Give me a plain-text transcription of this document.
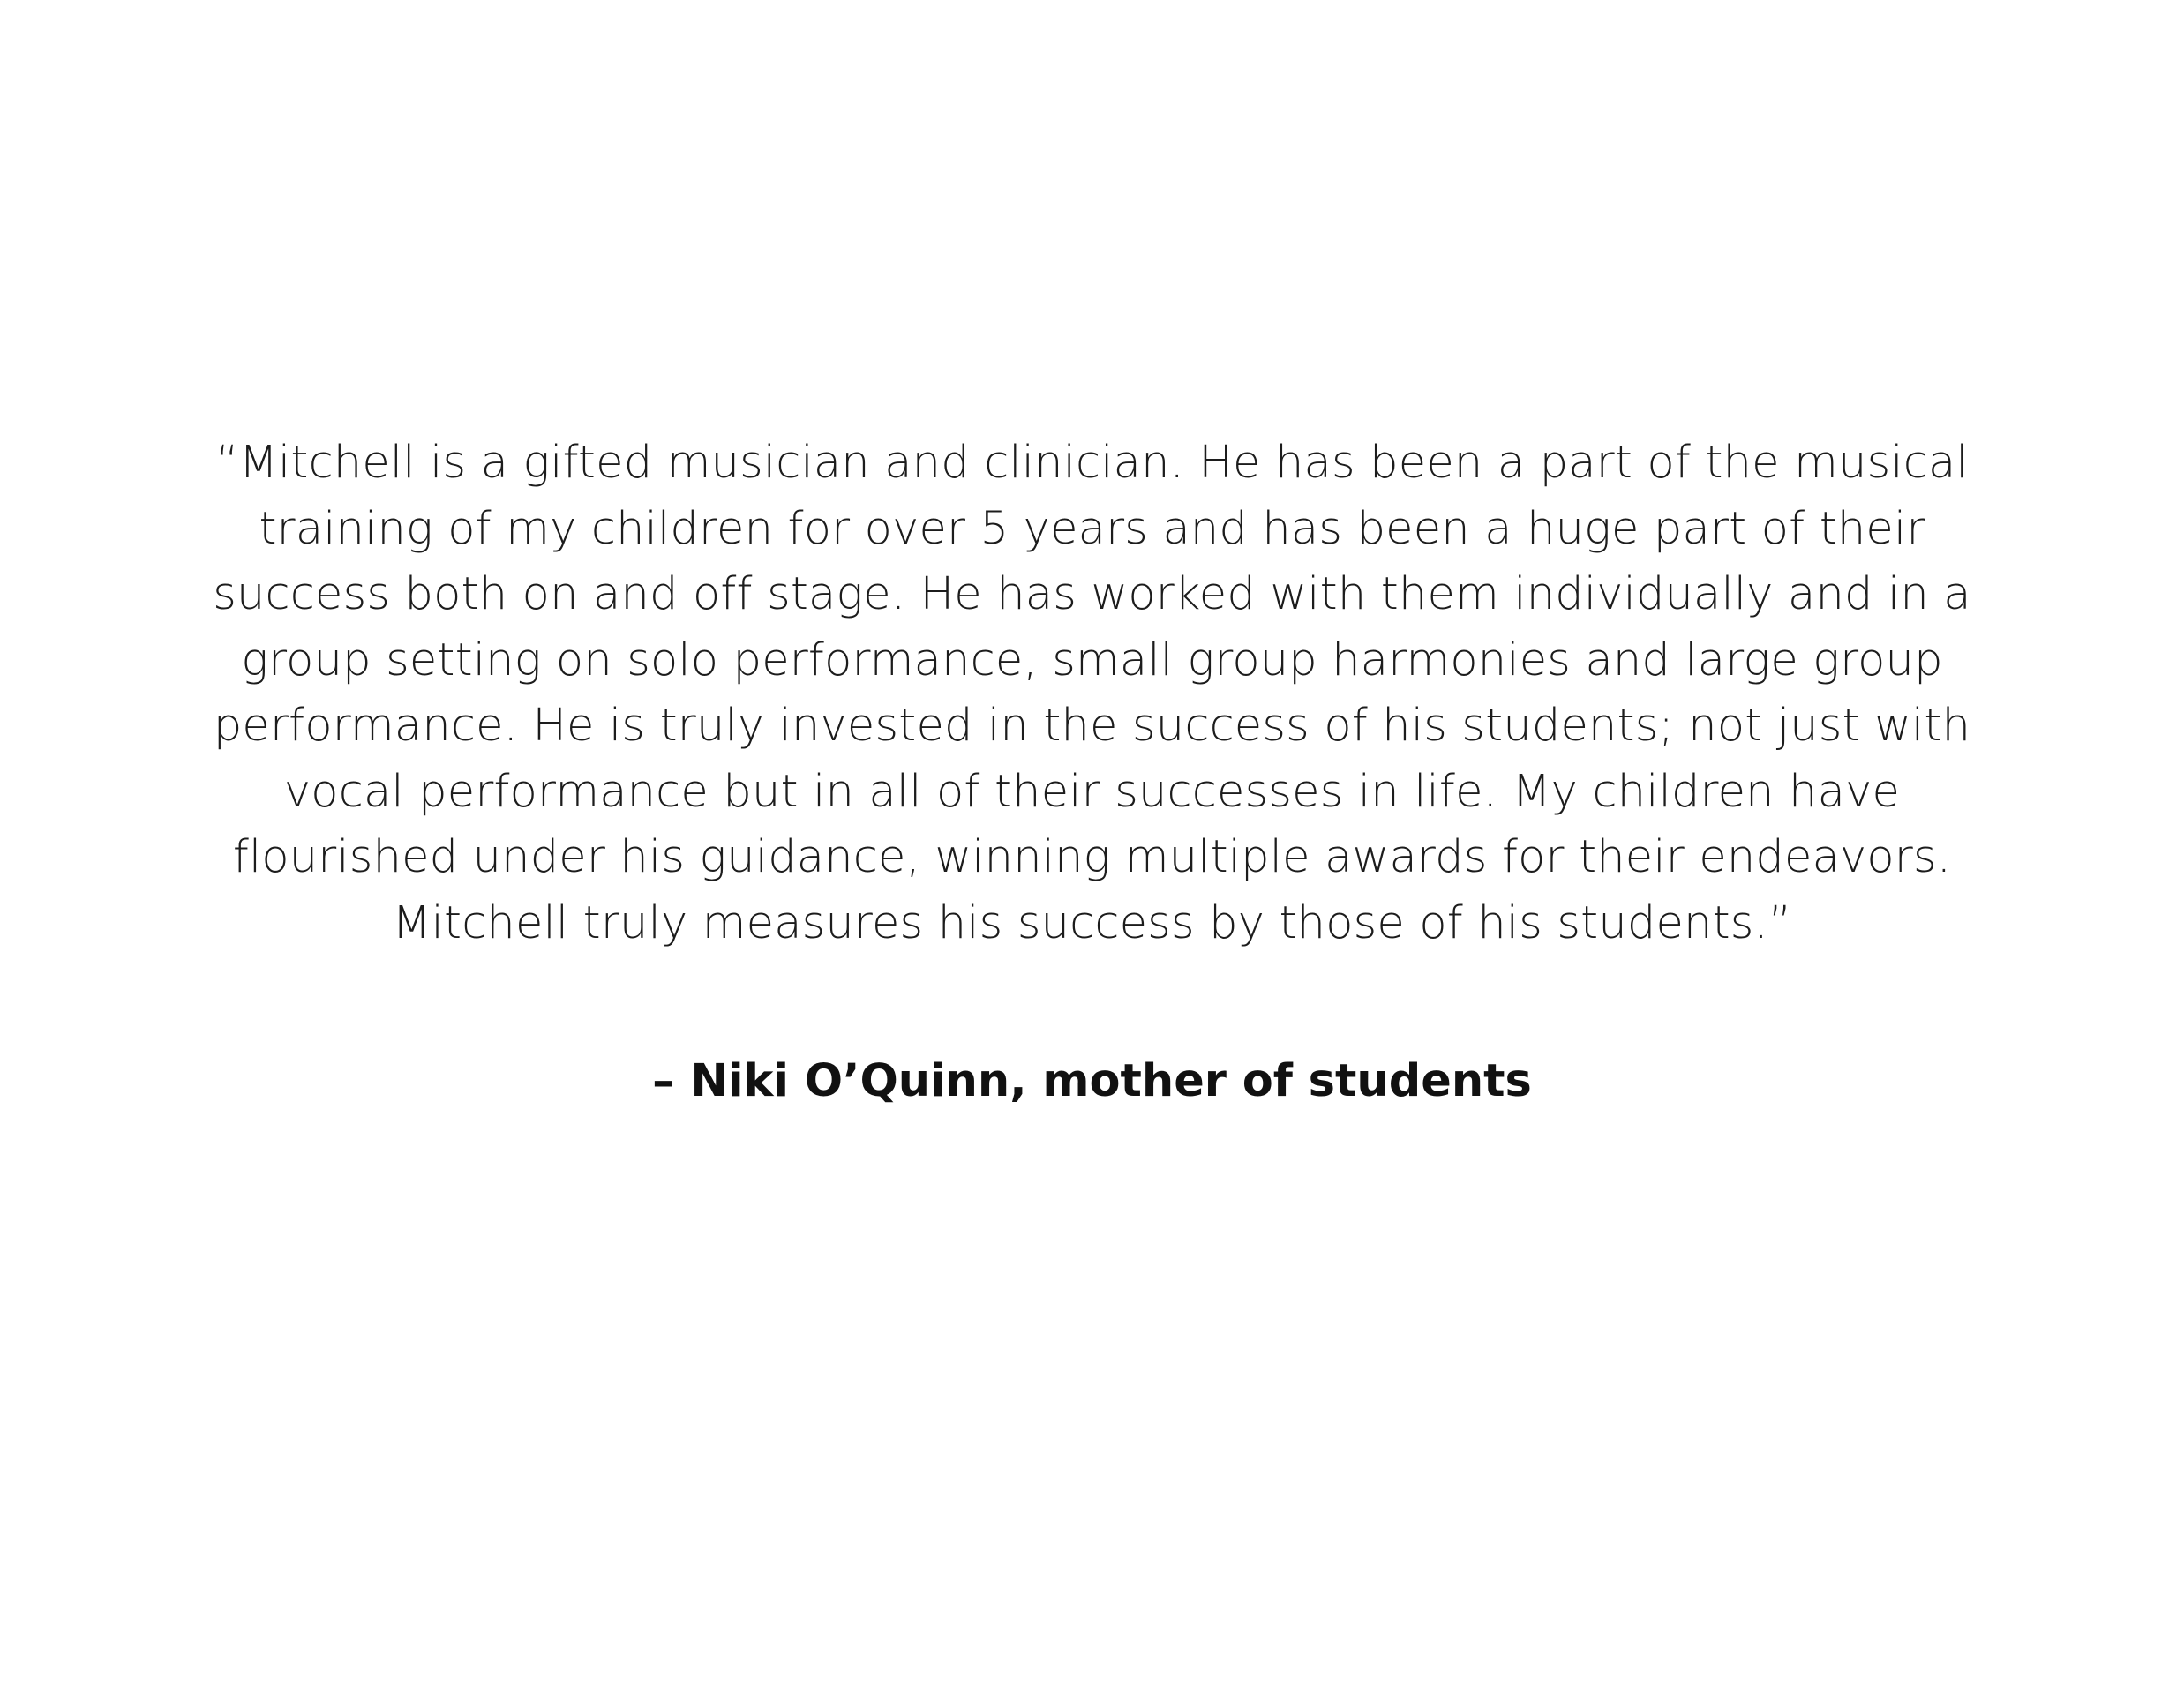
“Mitchell is a gifted musician and clinician. He has been a part of the musical
training of my children for over 5 years and has been a huge part of their
success both on and off stage. He has worked with them individually and in a
group setting on solo performance, small group harmonies and large group
performance. He is truly invested in the success of his students; not just with
vocal performance but in all of their successes in life. My children have
flourished under his guidance, winning multiple awards for their endeavors.
Mitchell truly measures his success by those of his students.”
– Niki O’Quinn, mother of students
